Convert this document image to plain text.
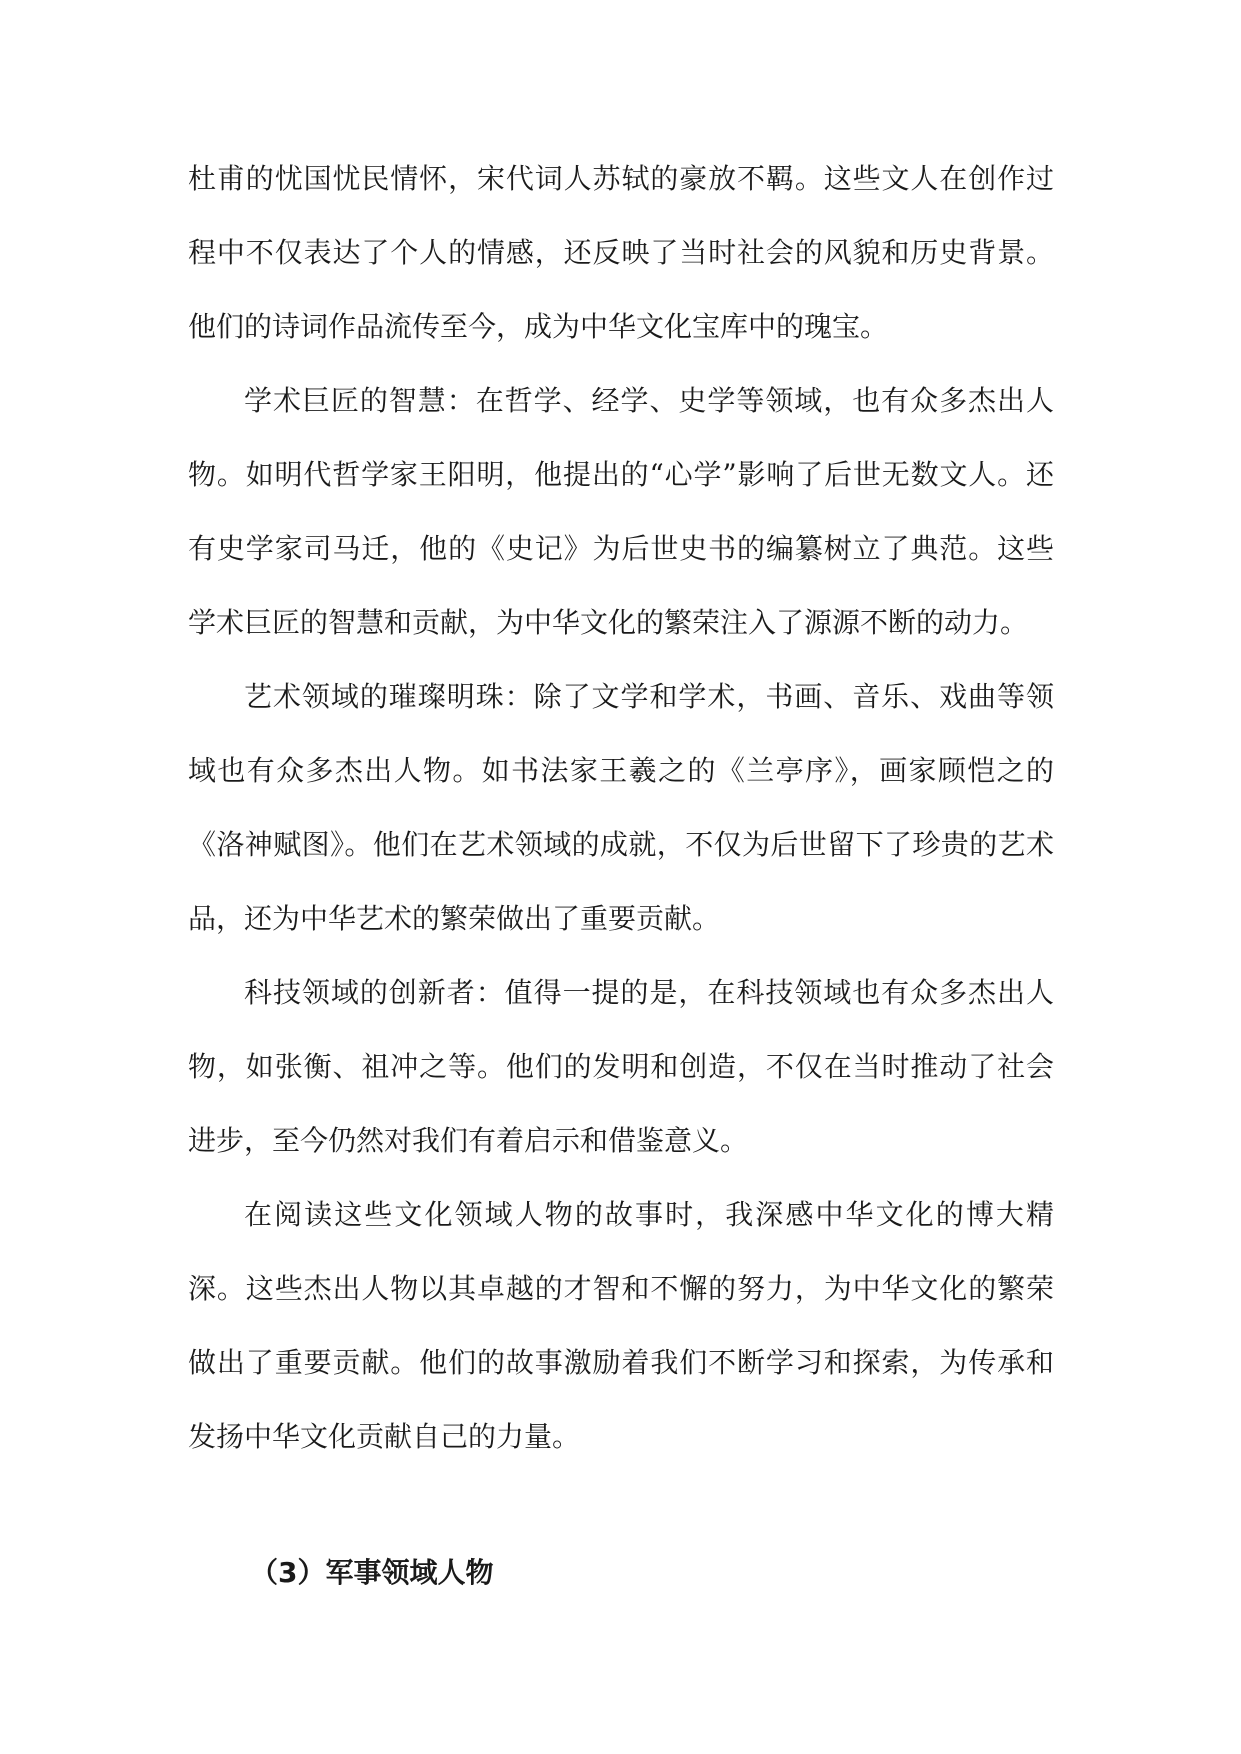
杜甫的忧国忧民情怀，宋代词人苏轼的豪放不羁。这些文人在创作过程中不仅表达了个人的情感，还反映了当时社会的风貌和历史背景。他们的诗词作品流传至今，成为中华文化宝库中的瑰宝。

学术巨匠的智慧：在哲学、经学、史学等领域，也有众多杰出人物。如明代哲学家王阳明，他提出的“心学”影响了后世无数文人。还有史学家司马迁，他的《史记》为后世史书的编纂树立了典范。这些学术巨匠的智慧和贡献，为中华文化的繁荣注入了源源不断的动力。

艺术领域的璀璨明珠：除了文学和学术，书画、音乐、戏曲等领域也有众多杰出人物。如书法家王羲之的《兰亭序》，画家顾恺之的《洛神赋图》。他们在艺术领域的成就，不仅为后世留下了珍贵的艺术品，还为中华艺术的繁荣做出了重要贡献。

科技领域的创新者：值得一提的是，在科技领域也有众多杰出人物，如张衡、祖冲之等。他们的发明和创造，不仅在当时推动了社会进步，至今仍然对我们有着启示和借鉴意义。

在阅读这些文化领域人物的故事时，我深感中华文化的博大精深。这些杰出人物以其卓越的才智和不懈的努力，为中华文化的繁荣做出了重要贡献。他们的故事激励着我们不断学习和探索，为传承和发扬中华文化贡献自己的力量。

（3）军事领域人物
